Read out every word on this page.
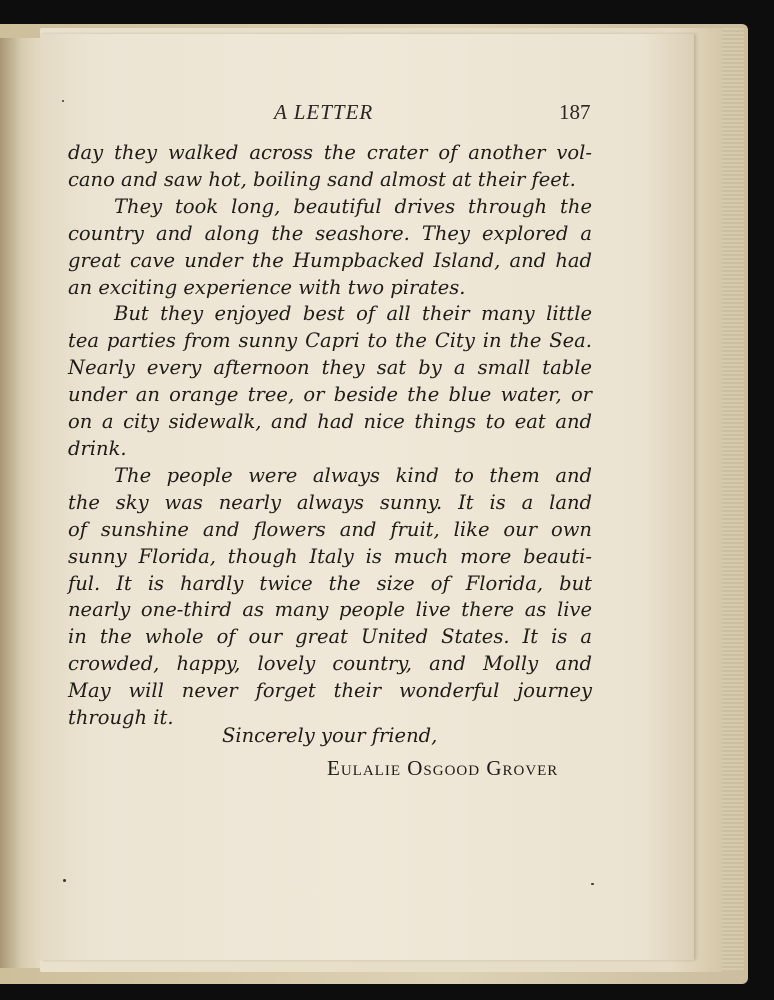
A LETTER	187
day they walked across the crater of another vol-
cano and saw hot, boiling sand almost at their feet.
They took long, beautiful drives through the
country and along the seashore. They explored a
great cave under the Humpbacked Island, and had
an exciting experience with two pirates.
But they enjoyed best of all their many little
tea parties from sunny Capri to the City in the Sea.
Nearly every afternoon they sat by a small table
under an orange tree, or beside the blue water, or
on a city sidewalk, and had nice things to eat and
drink.
The people were always kind to them and
the sky was nearly always sunny. It is a land
of sunshine and flowers and fruit, like our own
sunny Florida, though Italy is much more beauti-
ful. It is hardly twice the size of Florida, but
nearly one-third as many people live there as live
in the whole of our great United States. It is a
crowded, happy, lovely country, and Molly and
May will never forget their wonderful journey
through it.
Sincerely your friend,
Eulalie Osgood Grover
